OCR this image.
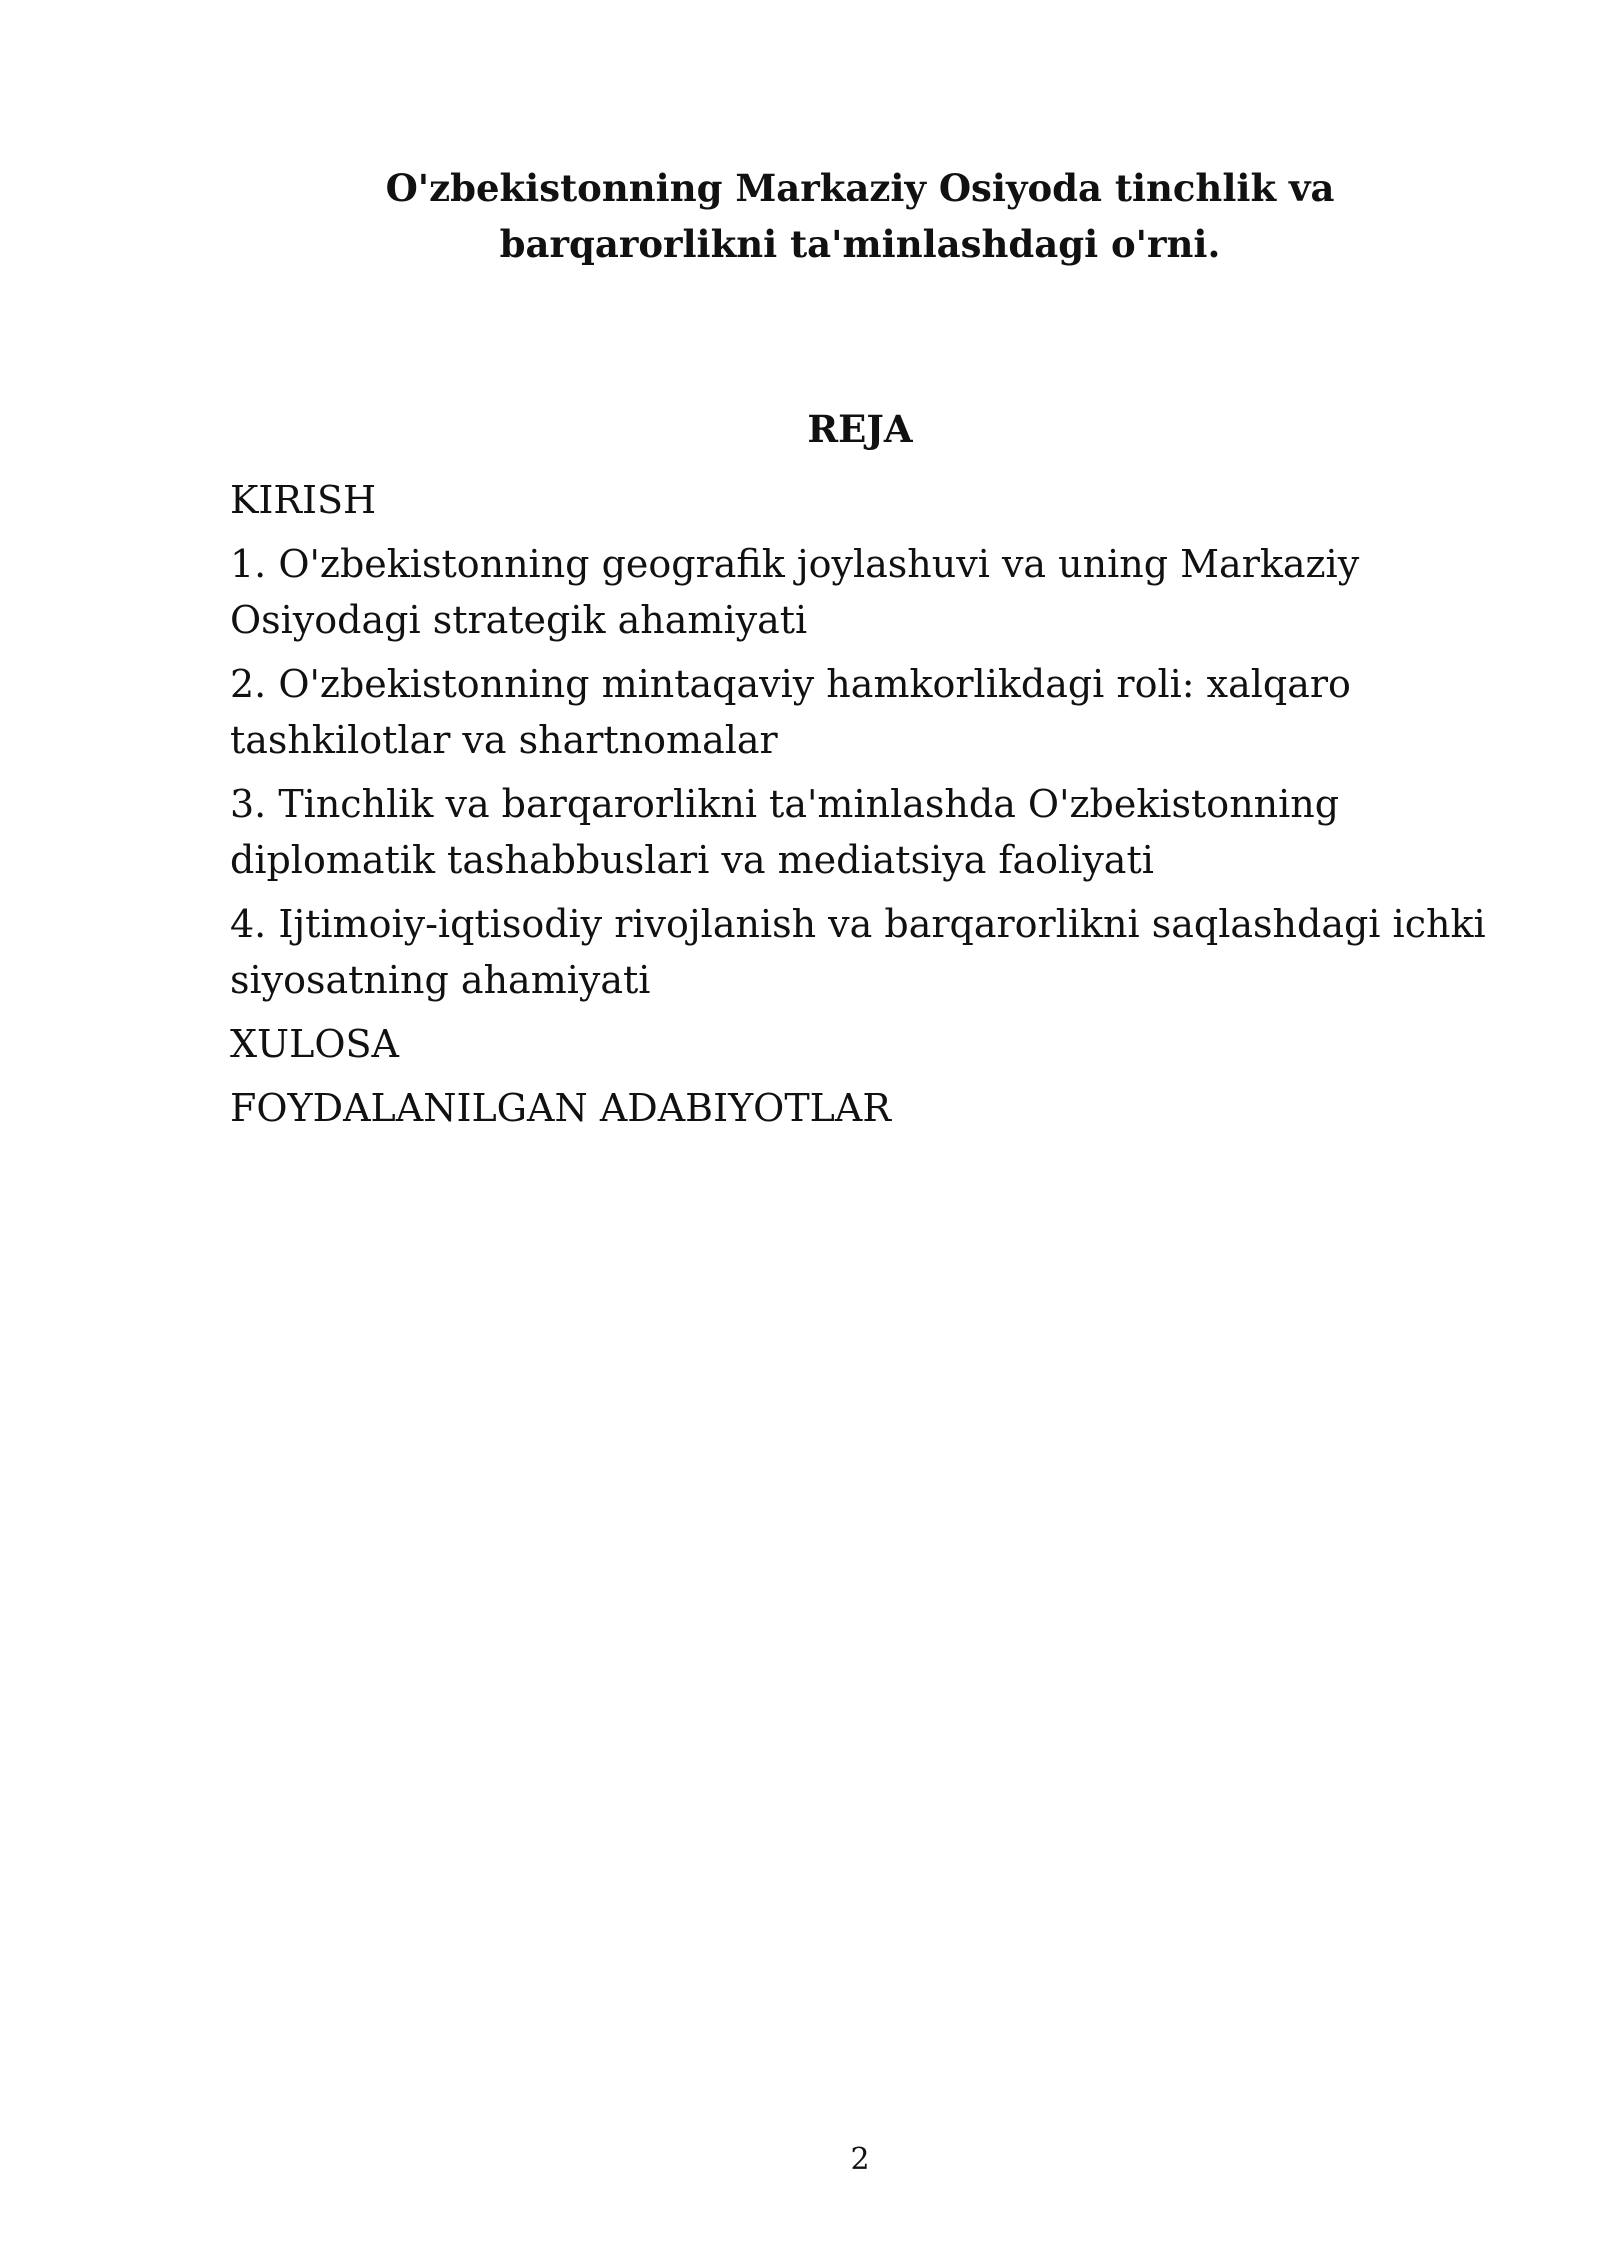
O'zbekistonning Markaziy Osiyoda tinchlik va
barqarorlikni ta'minlashdagi o'rni.
REJA
KIRISH
1. O'zbekistonning geografik joylashuvi va uning Markaziy Osiyodagi strategik ahamiyati
2. O'zbekistonning mintaqaviy hamkorlikdagi roli: xalqaro tashkilotlar va shartnomalar
3. Tinchlik va barqarorlikni ta'minlashda O'zbekistonning diplomatik tashabbuslari va mediatsiya faoliyati
4. Ijtimoiy-iqtisodiy rivojlanish va barqarorlikni saqlashdagi ichki siyosatning ahamiyati
XULOSA
FOYDALANILGAN ADABIYOTLAR
2
